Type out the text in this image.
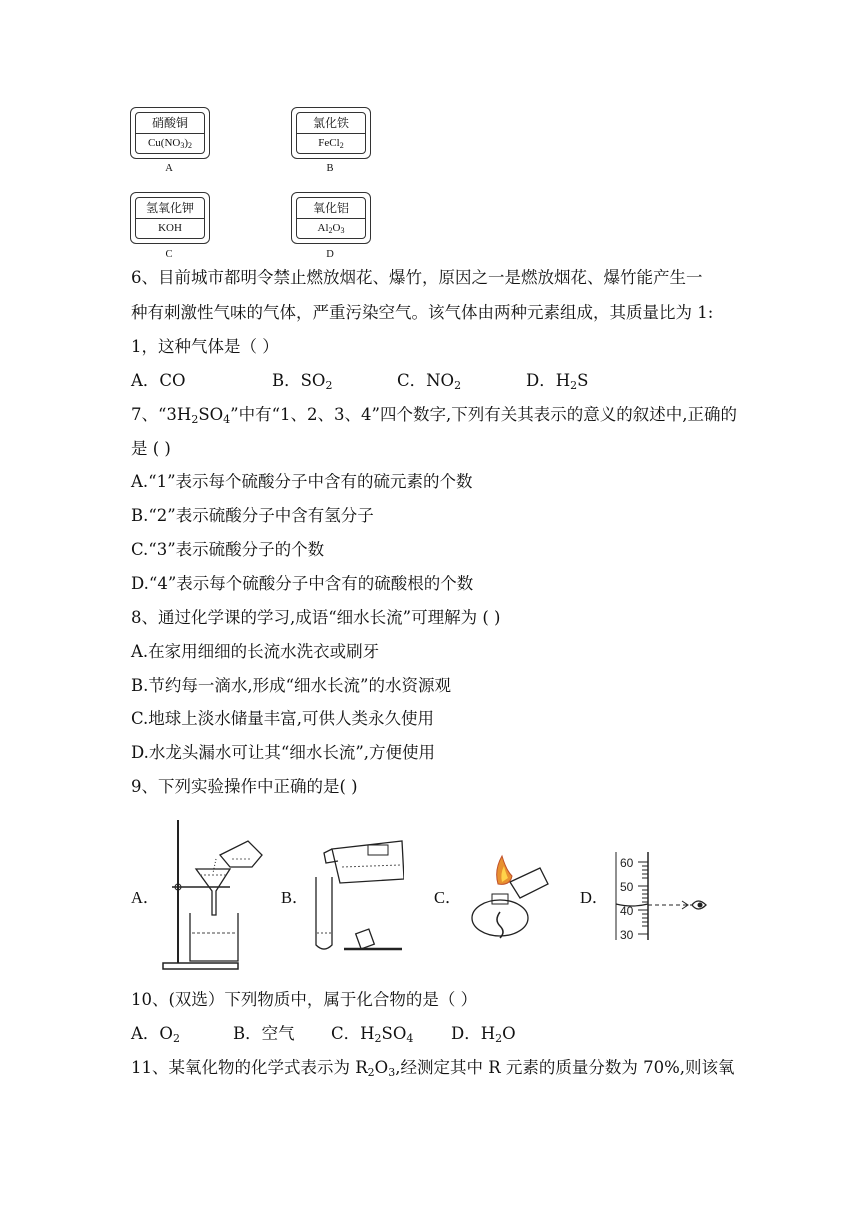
硝酸铜
$Cu(NO_3)_2$
A
氯化铁
FeCl$_2$
B
氢氧化钾
KOH
C
氧化铝
$Al_2O_3$
D
6、目前城市都明令禁止燃放烟花、爆竹，原因之一是燃放烟花、爆竹能产生一
种有刺激性气味的气体，严重污染空气。该气体由两种元素组成，其质量比为 1:
1，这种气体是（ ）
A．CO	B．$SO_2$	C．$NO_2$	D．$H_2S$
7、“$3H_2SO_4$”中有“1、2、3、4”四个数字,下列有关其表示的意义的叙述中,正确的
是 ( )
A.“1”表示每个硫酸分子中含有的硫元素的个数
B.“2”表示硫酸分子中含有氢分子
C.“3”表示硫酸分子的个数
D.“4”表示每个硫酸分子中含有的硫酸根的个数
8、通过化学课的学习,成语“细水长流”可理解为 ( )
A.在家用细细的长流水洗衣或刷牙
B.节约每一滴水,形成“细水长流”的水资源观
C.地球上淡水储量丰富,可供人类永久使用
D.水龙头漏水可让其“细水长流”,方便使用
9、下列实验操作中正确的是( )
A．	B．	C．	D．
60
50
40
30
10、(双选）下列物质中，属于化合物的是（ ）
A．$O_2$	B．空气 C．$H_2SO_4$ D．$H_2O$
11、某氧化物的化学式表示为 $R_2O_3$,经测定其中 R 元素的质量分数为 70%,则该氧
